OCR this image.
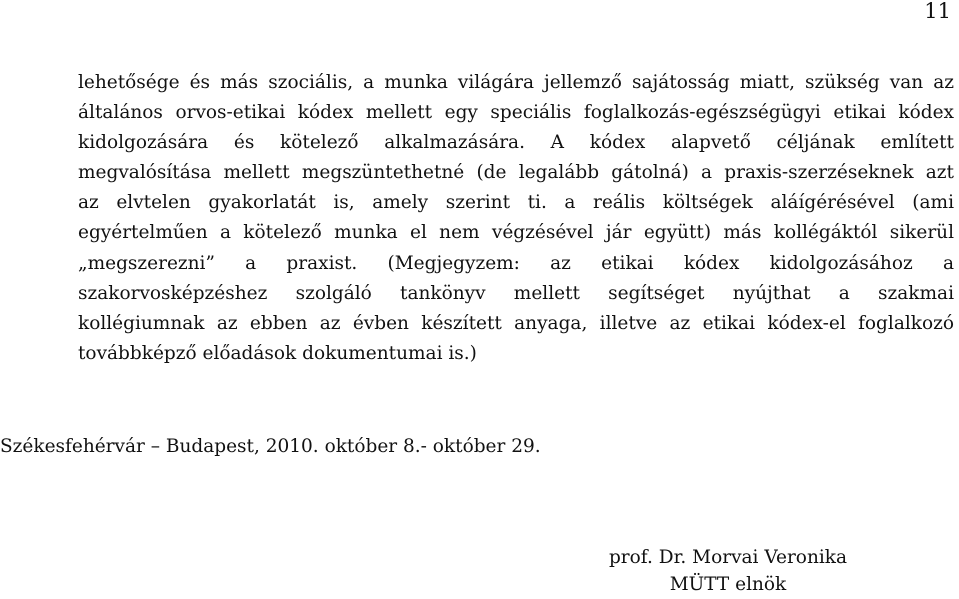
11
lehetősége és más szociális, a munka világára jellemző sajátosság miatt, szükség van az
általános orvos-etikai kódex mellett egy speciális foglalkozás-egészségügyi etikai kódex
kidolgozására és kötelező alkalmazására. A kódex alapvető céljának említett
megvalósítása mellett megszüntethetné (de legalább gátolná) a praxis-szerzéseknek azt
az elvtelen gyakorlatát is, amely szerint ti. a reális költségek aláígérésével (ami
egyértelműen a kötelező munka el nem végzésével jár együtt) más kollégáktól sikerül
„megszerezni” a praxist. (Megjegyzem: az etikai kódex kidolgozásához a
szakorvosképzéshez szolgáló tankönyv mellett segítséget nyújthat a szakmai
kollégiumnak az ebben az évben készített anyaga, illetve az etikai kódex-el foglalkozó
továbbképző előadások dokumentumai is.)
Székesfehérvár – Budapest, 2010. október 8.- október 29.
prof. Dr. Morvai Veronika
MÜTT elnök
